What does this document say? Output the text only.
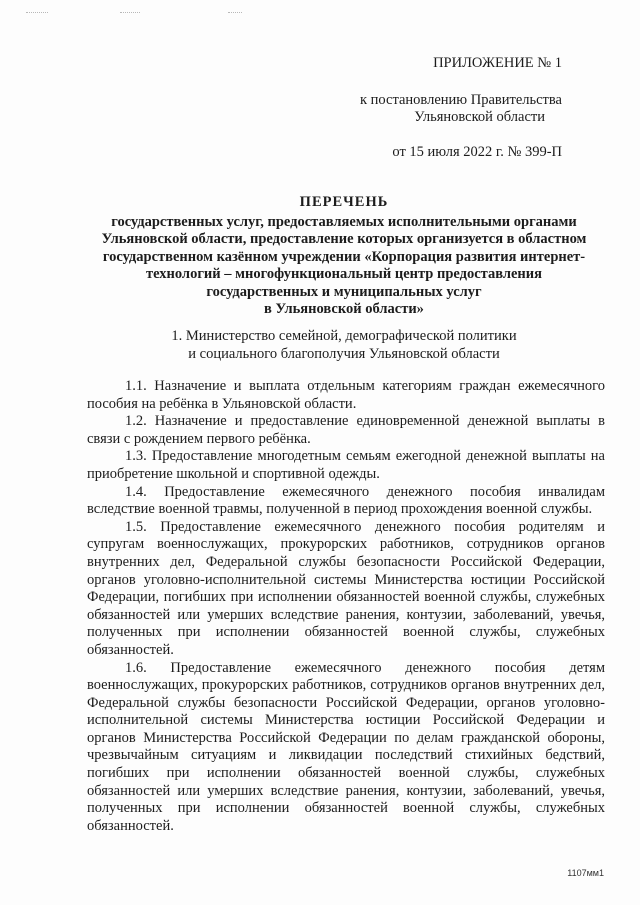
ПРИЛОЖЕНИЕ № 1
к постановлению Правительства
Ульяновской области
от 15 июля 2022 г. № 399-П
ПЕРЕЧЕНЬ
государственных услуг, предоставляемых исполнительными органами
Ульяновской области, предоставление которых организуется в областном
государственном казённом учреждении «Корпорация развития интернет-
технологий – многофункциональный центр предоставления
государственных и муниципальных услуг
в Ульяновской области»
1. Министерство семейной, демографической политики
и социального благополучия Ульяновской области

1.1. Назначение и выплата отдельным категориям граждан ежемесячного пособия на ребёнка в Ульяновской области.

1.2. Назначение и предоставление единовременной денежной выплаты в связи с рождением первого ребёнка.

1.3. Предоставление многодетным семьям ежегодной денежной выплаты на приобретение школьной и спортивной одежды.

1.4. Предоставление ежемесячного денежного пособия инвалидам вследствие военной травмы, полученной в период прохождения военной службы.

1.5. Предоставление ежемесячного денежного пособия родителям и супругам военнослужащих, прокурорских работников, сотрудников органов внутренних дел, Федеральной службы безопасности Российской Федерации, органов уголовно-исполнительной системы Министерства юстиции Российской Федерации, погибших при исполнении обязанностей военной службы, служебных обязанностей или умерших вследствие ранения, контузии, заболеваний, увечья, полученных при исполнении обязанностей военной службы, служебных обязанностей.

1.6. Предоставление ежемесячного денежного пособия детям военнослужащих, прокурорских работников, сотрудников органов внутренних дел, Федеральной службы безопасности Российской Федерации, органов уголовно-исполнительной системы Министерства юстиции Российской Федерации и органов Министерства Российской Федерации по делам гражданской обороны, чрезвычайным ситуациям и ликвидации последствий стихийных бедствий, погибших при исполнении обязанностей военной службы, служебных обязанностей или умерших вследствие ранения, контузии, заболеваний, увечья, полученных при исполнении обязанностей военной службы, служебных обязанностей.

1107мм1
